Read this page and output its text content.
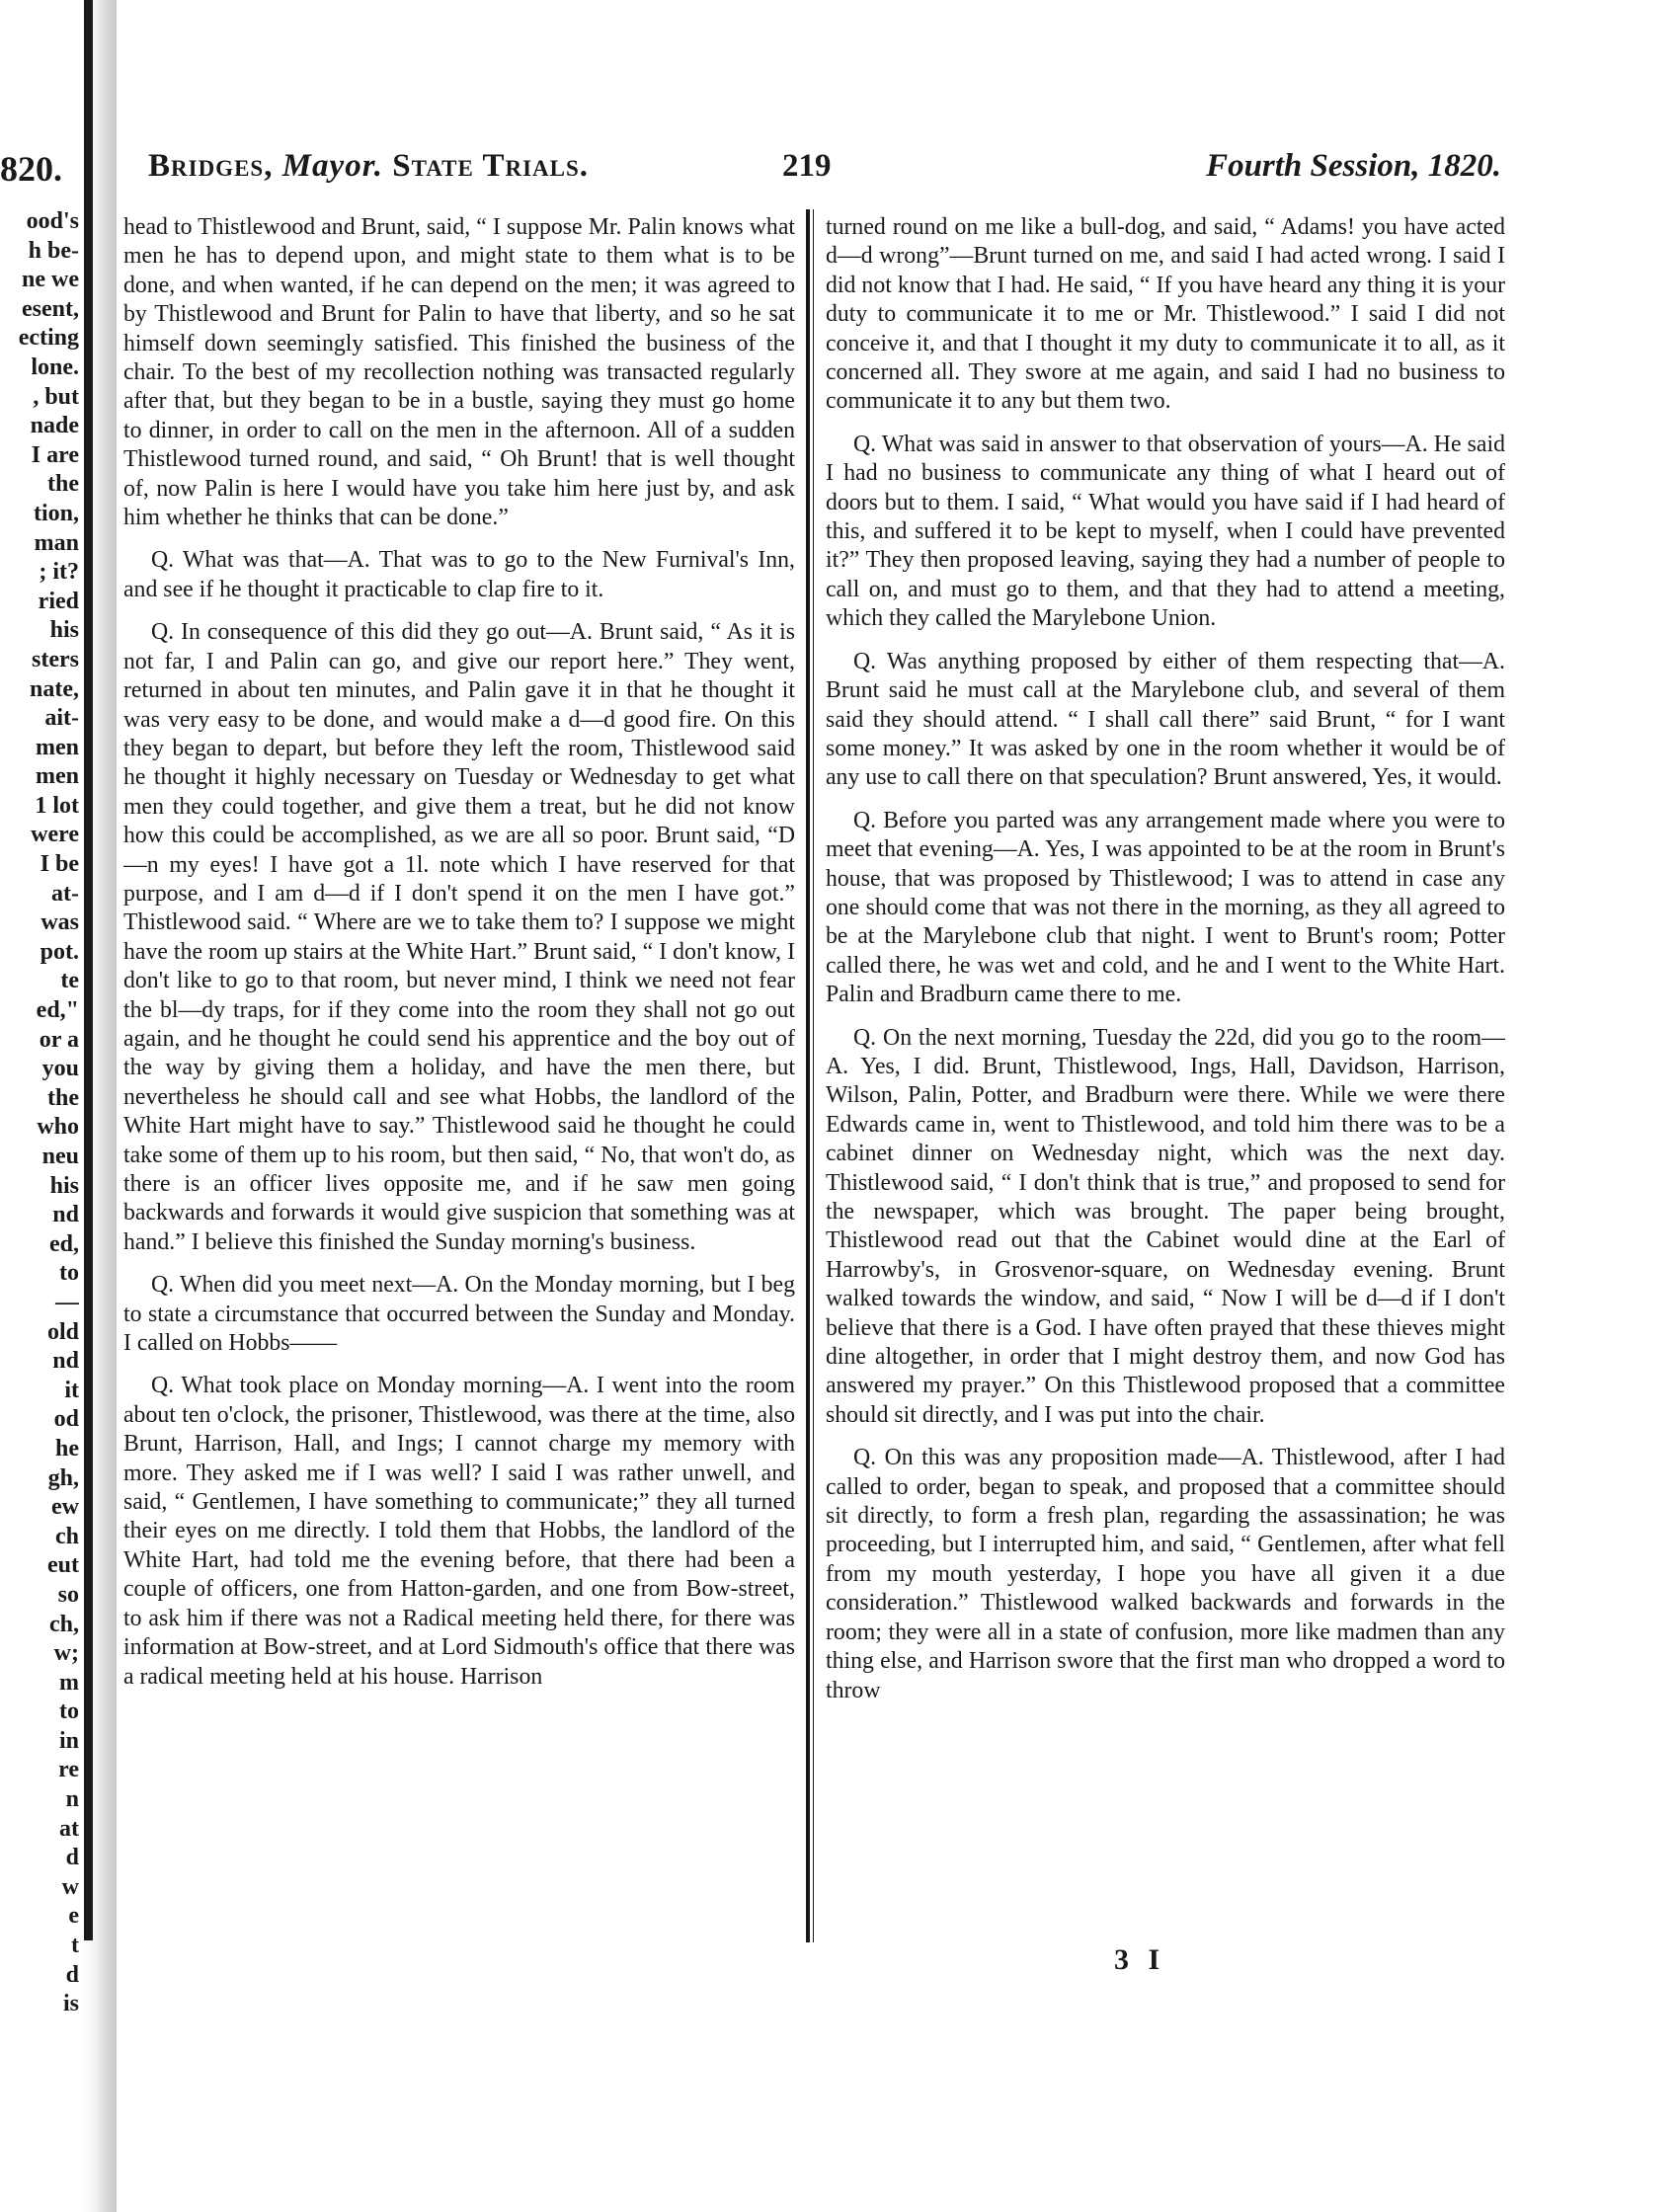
820.
ood's
h be-
ne we
esent,
ecting
lone.
, but
nade
I are
the
tion,
man
; it?
ried
his
sters
nate,
ait-
men
men
1 lot
were
I be
at-
was
pot.
te
ed,"
or a
you
the
who
neu
his
nd
ed,
to
—
old
nd
it
od
he
gh,
ew
ch
eut
so
ch,
w;
m
to
in
re
n
at
d
w
e
t
d
is
Bridges, Mayor. State Trials.	219	Fourth Session, 1820.

head to Thistlewood and Brunt, said, “ I suppose Mr. Palin knows what men he has to depend upon, and might state to them what is to be done, and when wanted, if he can depend on the men; it was agreed to by Thistlewood and Brunt for Palin to have that liberty, and so he sat himself down seemingly satisfied. This finished the business of the chair. To the best of my recollection nothing was transacted regularly after that, but they began to be in a bustle, saying they must go home to dinner, in order to call on the men in the afternoon. All of a sudden Thistlewood turned round, and said, “ Oh Brunt! that is well thought of, now Palin is here I would have you take him here just by, and ask him whether he thinks that can be done.”

Q. What was that—A. That was to go to the New Furnival's Inn, and see if he thought it practicable to clap fire to it.

Q. In consequence of this did they go out—A. Brunt said, “ As it is not far, I and Palin can go, and give our report here.” They went, returned in about ten minutes, and Palin gave it in that he thought it was very easy to be done, and would make a d—d good fire. On this they began to depart, but before they left the room, Thistlewood said he thought it highly necessary on Tuesday or Wednesday to get what men they could together, and give them a treat, but he did not know how this could be accomplished, as we are all so poor. Brunt said, “D—n my eyes! I have got a 1l. note which I have reserved for that purpose, and I am d—d if I don't spend it on the men I have got.” Thistlewood said. “ Where are we to take them to? I suppose we might have the room up stairs at the White Hart.” Brunt said, “ I don't know, I don't like to go to that room, but never mind, I think we need not fear the bl—dy traps, for if they come into the room they shall not go out again, and he thought he could send his apprentice and the boy out of the way by giving them a holiday, and have the men there, but nevertheless he should call and see what Hobbs, the landlord of the White Hart might have to say.” Thistlewood said he thought he could take some of them up to his room, but then said, “ No, that won't do, as there is an officer lives opposite me, and if he saw men going backwards and forwards it would give suspicion that something was at hand.” I believe this finished the Sunday morning's business.

Q. When did you meet next—A. On the Monday morning, but I beg to state a circumstance that occurred between the Sunday and Monday. I called on Hobbs——

Q. What took place on Monday morning—A. I went into the room about ten o'clock, the prisoner, Thistlewood, was there at the time, also Brunt, Harrison, Hall, and Ings; I cannot charge my memory with more. They asked me if I was well? I said I was rather unwell, and said, “ Gentlemen, I have something to communicate;” they all turned their eyes on me directly. I told them that Hobbs, the landlord of the White Hart, had told me the evening before, that there had been a couple of officers, one from Hatton-garden, and one from Bow-street, to ask him if there was not a Radical meeting held there, for there was information at Bow-street, and at Lord Sidmouth's office that there was a radical meeting held at his house. Harrison

turned round on me like a bull-dog, and said, “ Adams! you have acted d—d wrong”—Brunt turned on me, and said I had acted wrong. I said I did not know that I had. He said, “ If you have heard any thing it is your duty to communicate it to me or Mr. Thistlewood.” I said I did not conceive it, and that I thought it my duty to communicate it to all, as it concerned all. They swore at me again, and said I had no business to communicate it to any but them two.

Q. What was said in answer to that observation of yours—A. He said I had no business to communicate any thing of what I heard out of doors but to them. I said, “ What would you have said if I had heard of this, and suffered it to be kept to myself, when I could have prevented it?” They then proposed leaving, saying they had a number of people to call on, and must go to them, and that they had to attend a meeting, which they called the Marylebone Union.

Q. Was anything proposed by either of them respecting that—A. Brunt said he must call at the Marylebone club, and several of them said they should attend. “ I shall call there” said Brunt, “ for I want some money.” It was asked by one in the room whether it would be of any use to call there on that speculation? Brunt answered, Yes, it would.

Q. Before you parted was any arrangement made where you were to meet that evening—A. Yes, I was appointed to be at the room in Brunt's house, that was proposed by Thistlewood; I was to attend in case any one should come that was not there in the morning, as they all agreed to be at the Marylebone club that night. I went to Brunt's room; Potter called there, he was wet and cold, and he and I went to the White Hart. Palin and Bradburn came there to me.

Q. On the next morning, Tuesday the 22d, did you go to the room—A. Yes, I did. Brunt, Thistlewood, Ings, Hall, Davidson, Harrison, Wilson, Palin, Potter, and Bradburn were there. While we were there Edwards came in, went to Thistlewood, and told him there was to be a cabinet dinner on Wednesday night, which was the next day. Thistlewood said, “ I don't think that is true,” and proposed to send for the newspaper, which was brought. The paper being brought, Thistlewood read out that the Cabinet would dine at the Earl of Harrowby's, in Grosvenor-square, on Wednesday evening. Brunt walked towards the window, and said, “ Now I will be d—d if I don't believe that there is a God. I have often prayed that these thieves might dine altogether, in order that I might destroy them, and now God has answered my prayer.” On this Thistlewood proposed that a committee should sit directly, and I was put into the chair.

Q. On this was any proposition made—A. Thistlewood, after I had called to order, began to speak, and proposed that a committee should sit directly, to form a fresh plan, regarding the assassination; he was proceeding, but I interrupted him, and said, “ Gentlemen, after what fell from my mouth yesterday, I hope you have all given it a due consideration.” Thistlewood walked backwards and forwards in the room; they were all in a state of confusion, more like madmen than any thing else, and Harrison swore that the first man who dropped a word to throw

3 I
